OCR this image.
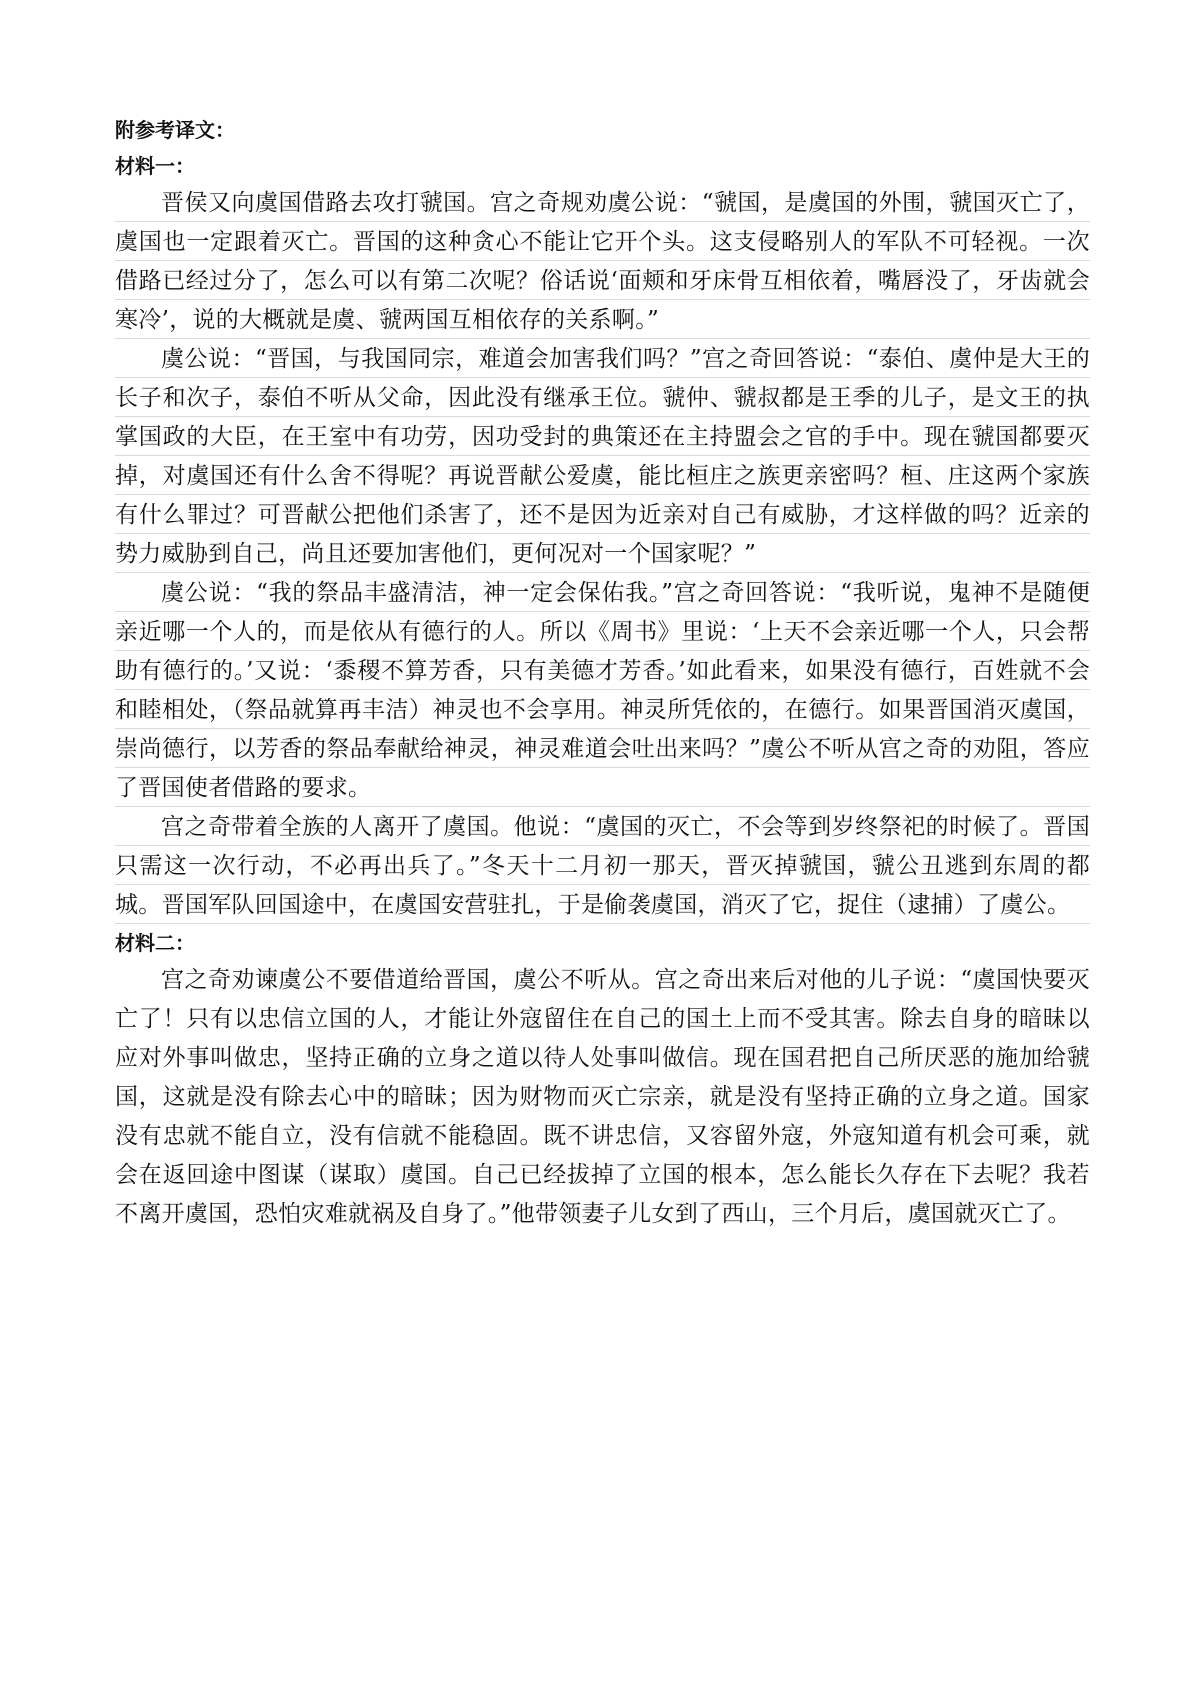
附参考译文：

材料一：

晋侯又向虞国借路去攻打虢国。宫之奇规劝虞公说：“虢国，是虞国的外围，虢国灭亡了，虞国也一定跟着灭亡。晋国的这种贪心不能让它开个头。这支侵略别人的军队不可轻视。一次借路已经过分了，怎么可以有第二次呢？俗话说‘面颊和牙床骨互相依着，嘴唇没了，牙齿就会寒冷’，说的大概就是虞、虢两国互相依存的关系啊。”

虞公说：“晋国，与我国同宗，难道会加害我们吗？”宫之奇回答说：“泰伯、虞仲是大王的长子和次子，泰伯不听从父命，因此没有继承王位。虢仲、虢叔都是王季的儿子，是文王的执掌国政的大臣，在王室中有功劳，因功受封的典策还在主持盟会之官的手中。现在虢国都要灭掉，对虞国还有什么舍不得呢？再说晋献公爱虞，能比桓庄之族更亲密吗？桓、庄这两个家族有什么罪过？可晋献公把他们杀害了，还不是因为近亲对自己有威胁，才这样做的吗？近亲的势力威胁到自己，尚且还要加害他们，更何况对一个国家呢？”

虞公说：“我的祭品丰盛清洁，神一定会保佑我。”宫之奇回答说：“我听说，鬼神不是随便亲近哪一个人的，而是依从有德行的人。所以《周书》里说：‘上天不会亲近哪一个人，只会帮助有德行的。’又说：‘黍稷不算芳香，只有美德才芳香。’如此看来，如果没有德行，百姓就不会和睦相处，（祭品就算再丰洁）神灵也不会享用。神灵所凭依的，在德行。如果晋国消灭虞国，崇尚德行，以芳香的祭品奉献给神灵，神灵难道会吐出来吗？”虞公不听从宫之奇的劝阻，答应了晋国使者借路的要求。

宫之奇带着全族的人离开了虞国。他说：“虞国的灭亡，不会等到岁终祭祀的时候了。晋国只需这一次行动，不必再出兵了。”冬天十二月初一那天，晋灭掉虢国，虢公丑逃到东周的都城。晋国军队回国途中，在虞国安营驻扎，于是偷袭虞国，消灭了它，捉住（逮捕）了虞公。

材料二：

宫之奇劝谏虞公不要借道给晋国，虞公不听从。宫之奇出来后对他的儿子说：“虞国快要灭亡了！只有以忠信立国的人，才能让外寇留住在自己的国土上而不受其害。除去自身的暗昧以应对外事叫做忠，坚持正确的立身之道以待人处事叫做信。现在国君把自己所厌恶的施加给虢国，这就是没有除去心中的暗昧；因为财物而灭亡宗亲，就是没有坚持正确的立身之道。国家没有忠就不能自立，没有信就不能稳固。既不讲忠信，又容留外寇，外寇知道有机会可乘，就会在返回途中图谋（谋取）虞国。自己已经拔掉了立国的根本，怎么能长久存在下去呢？我若不离开虞国，恐怕灾难就祸及自身了。”他带领妻子儿女到了西山，三个月后，虞国就灭亡了。
